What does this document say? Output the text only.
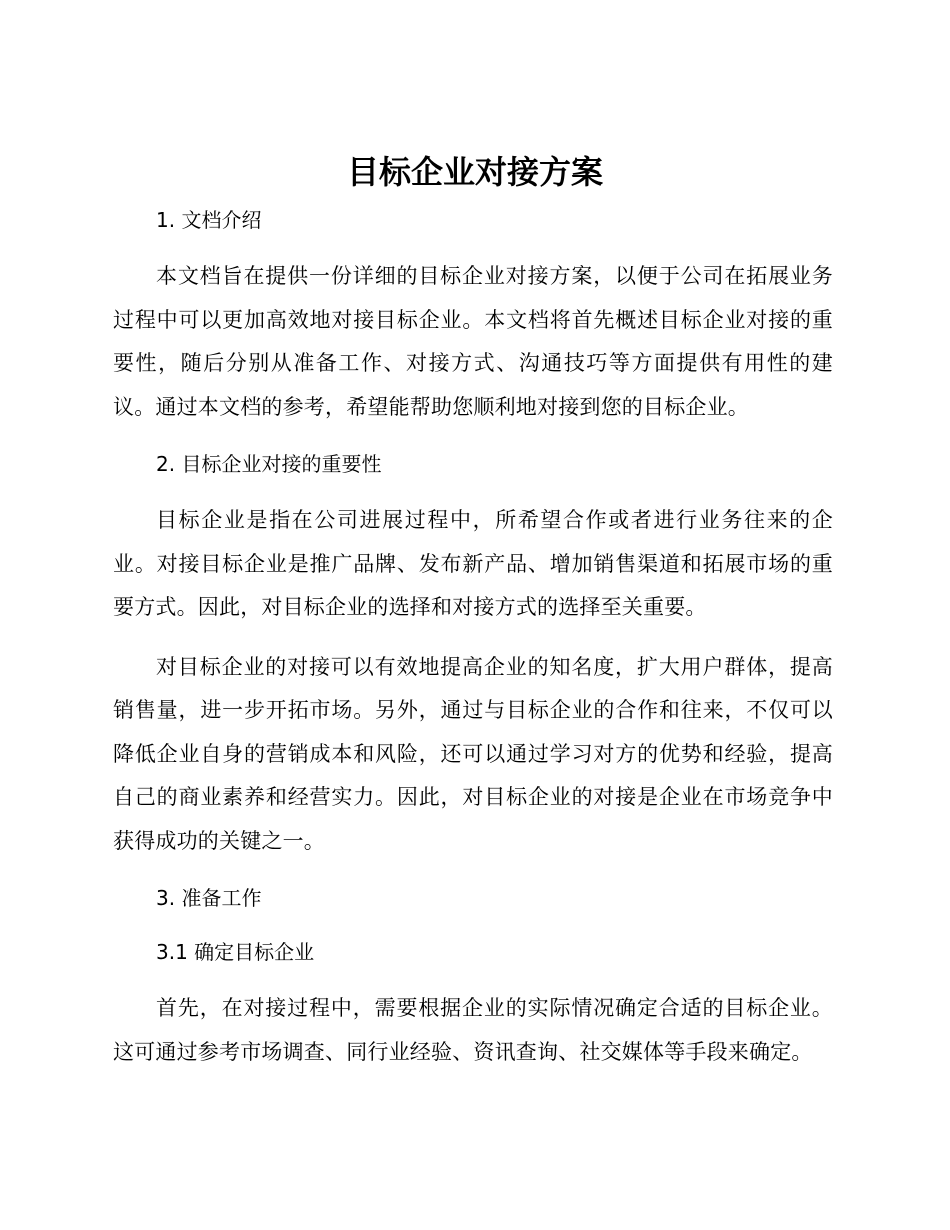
目标企业对接方案
1. 文档介绍

本文档旨在提供一份详细的目标企业对接方案，以便于公司在拓展业务过程中可以更加高效地对接目标企业。本文档将首先概述目标企业对接的重要性，随后分别从准备工作、对接方式、沟通技巧等方面提供有用性的建议。通过本文档的参考，希望能帮助您顺利地对接到您的目标企业。

2. 目标企业对接的重要性

目标企业是指在公司进展过程中，所希望合作或者进行业务往来的企业。对接目标企业是推广品牌、发布新产品、增加销售渠道和拓展市场的重要方式。因此，对目标企业的选择和对接方式的选择至关重要。

对目标企业的对接可以有效地提高企业的知名度，扩大用户群体，提高销售量，进一步开拓市场。另外，通过与目标企业的合作和往来，不仅可以降低企业自身的营销成本和风险，还可以通过学习对方的优势和经验，提高自己的商业素养和经营实力。因此，对目标企业的对接是企业在市场竞争中获得成功的关键之一。

3. 准备工作
3.1 确定目标企业

首先，在对接过程中，需要根据企业的实际情况确定合适的目标企业。这可通过参考市场调查、同行业经验、资讯查询、社交媒体等手段来确定。
